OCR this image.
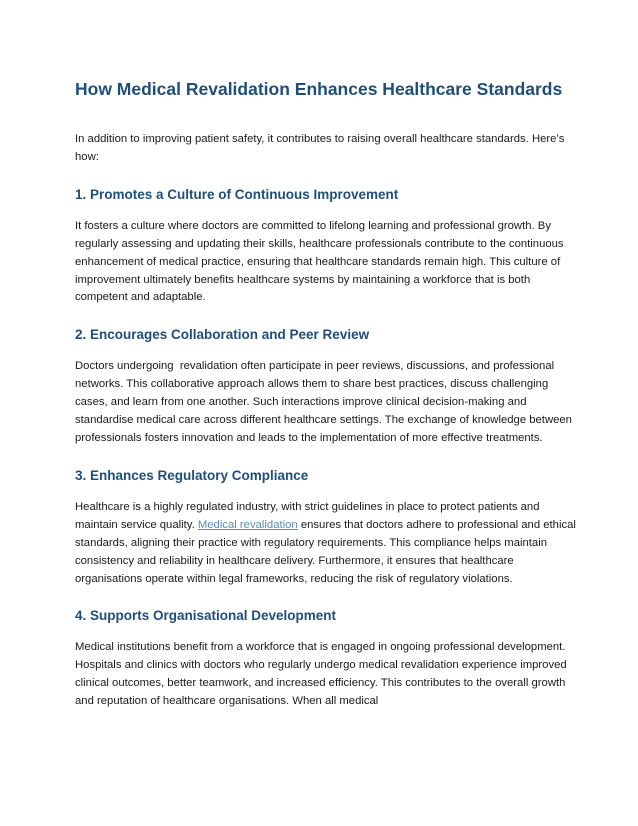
How Medical Revalidation Enhances Healthcare Standards

In addition to improving patient safety, it contributes to raising overall healthcare standards. Here’s how:

1. Promotes a Culture of Continuous Improvement

It fosters a culture where doctors are committed to lifelong learning and professional growth. By regularly assessing and updating their skills, healthcare professionals contribute to the continuous enhancement of medical practice, ensuring that healthcare standards remain high. This culture of improvement ultimately benefits healthcare systems by maintaining a workforce that is both competent and adaptable.

2. Encourages Collaboration and Peer Review

Doctors undergoing  revalidation often participate in peer reviews, discussions, and professional networks. This collaborative approach allows them to share best practices, discuss challenging cases, and learn from one another. Such interactions improve clinical decision-making and standardise medical care across different healthcare settings. The exchange of knowledge between professionals fosters innovation and leads to the implementation of more effective treatments.

3. Enhances Regulatory Compliance

Healthcare is a highly regulated industry, with strict guidelines in place to protect patients and maintain service quality. Medical revalidation ensures that doctors adhere to professional and ethical standards, aligning their practice with regulatory requirements. This compliance helps maintain consistency and reliability in healthcare delivery. Furthermore, it ensures that healthcare organisations operate within legal frameworks, reducing the risk of regulatory violations.

4. Supports Organisational Development

Medical institutions benefit from a workforce that is engaged in ongoing professional development. Hospitals and clinics with doctors who regularly undergo medical revalidation experience improved clinical outcomes, better teamwork, and increased efficiency. This contributes to the overall growth and reputation of healthcare organisations. When all medical
